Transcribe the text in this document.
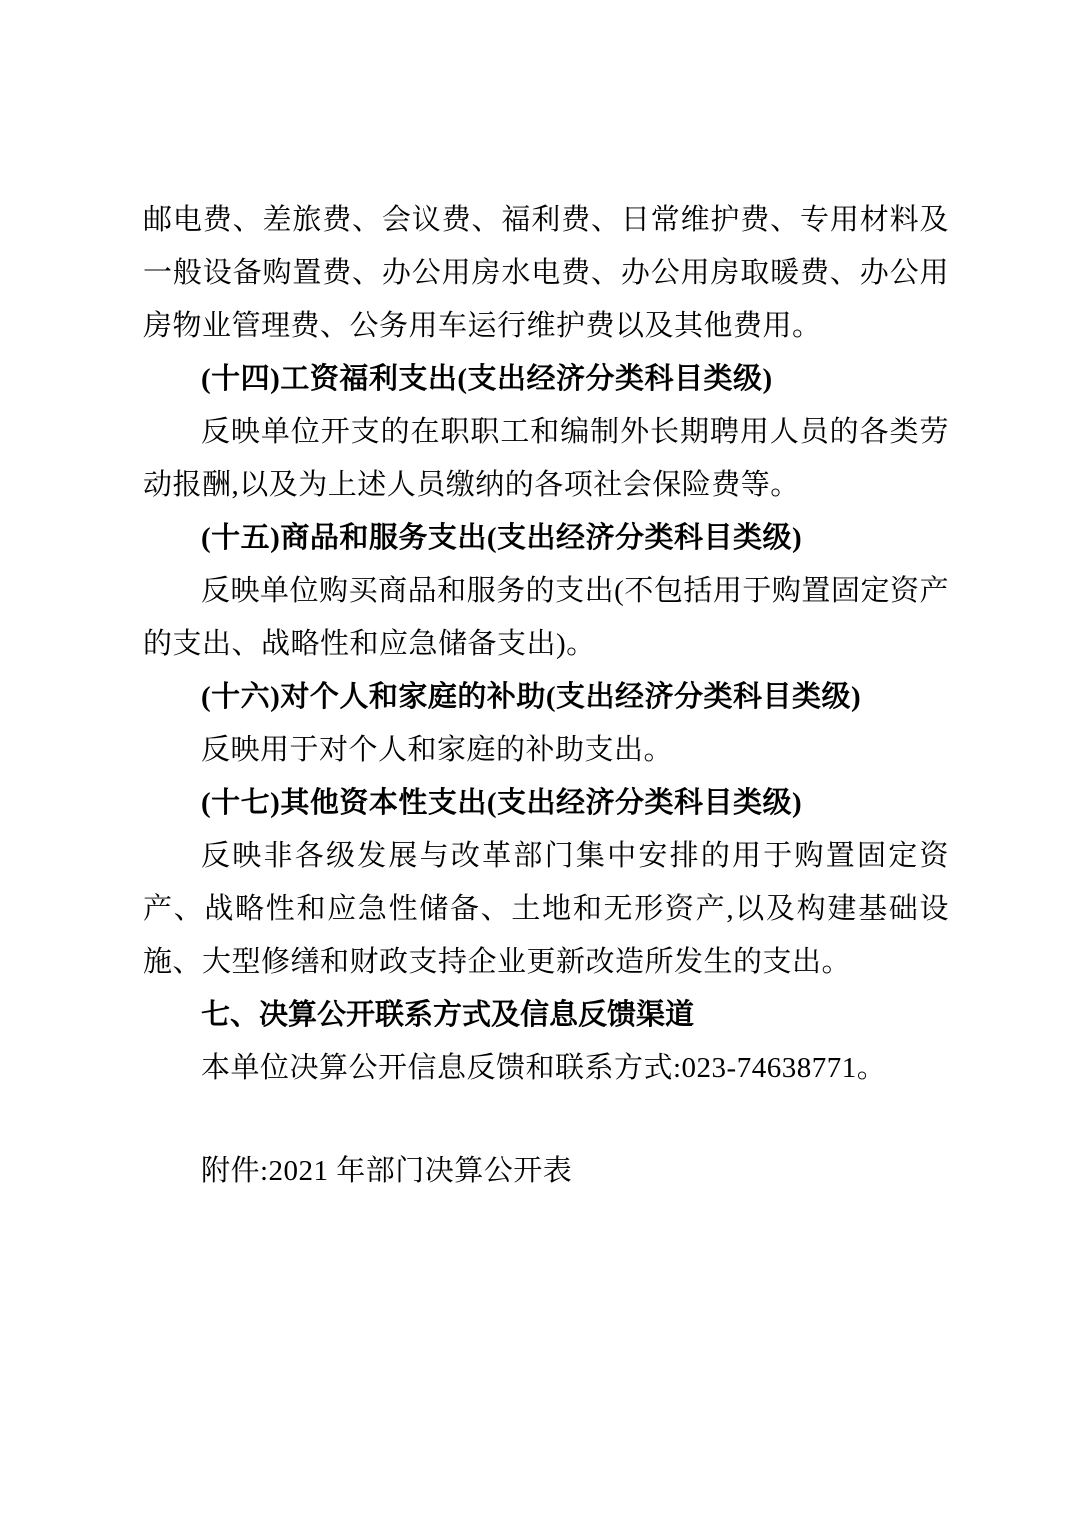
邮电费、差旅费、会议费、福利费、日常维护费、专用材料及一般设备购置费、办公用房水电费、办公用房取暖费、办公用房物业管理费、公务用车运行维护费以及其他费用。

(十四)工资福利支出(支出经济分类科目类级)

反映单位开支的在职职工和编制外长期聘用人员的各类劳动报酬,以及为上述人员缴纳的各项社会保险费等。

(十五)商品和服务支出(支出经济分类科目类级)

反映单位购买商品和服务的支出(不包括用于购置固定资产的支出、战略性和应急储备支出)。

(十六)对个人和家庭的补助(支出经济分类科目类级)

反映用于对个人和家庭的补助支出。

(十七)其他资本性支出(支出经济分类科目类级)

反映非各级发展与改革部门集中安排的用于购置固定资产、战略性和应急性储备、土地和无形资产,以及构建基础设施、大型修缮和财政支持企业更新改造所发生的支出。

七、决算公开联系方式及信息反馈渠道

本单位决算公开信息反馈和联系方式:023-74638771。

附件:2021 年部门决算公开表
